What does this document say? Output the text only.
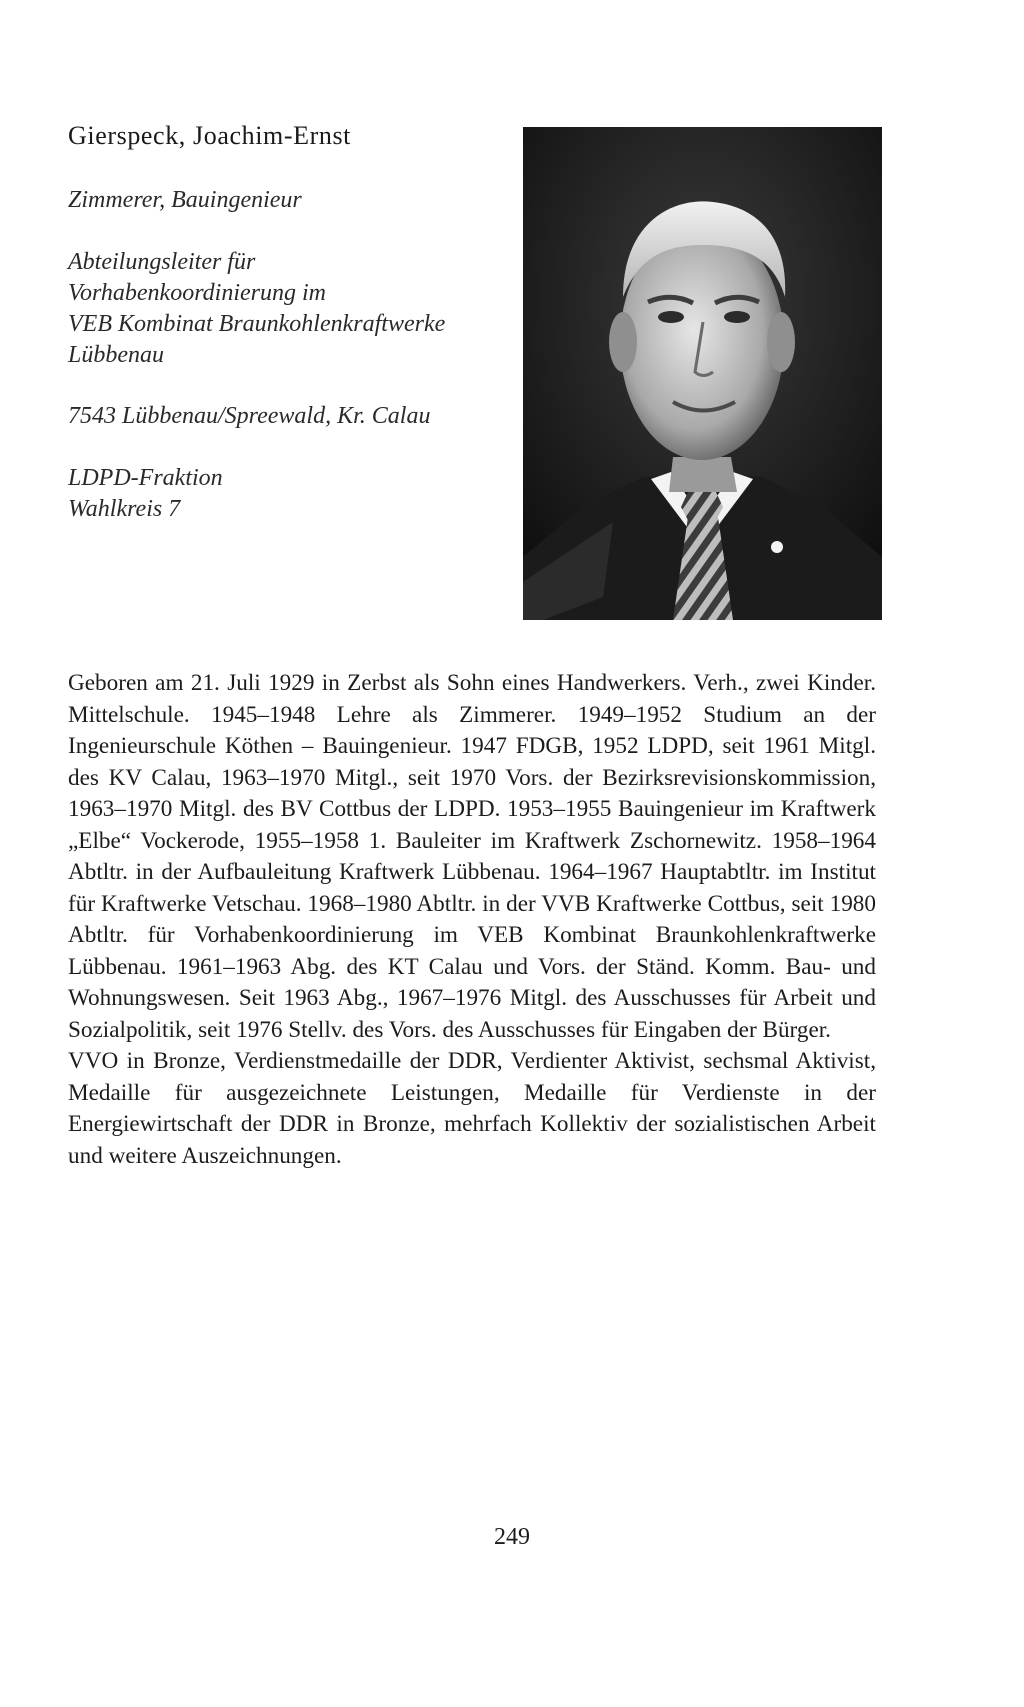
Gierspeck, Joachim-Ernst

Zimmerer, Bauingenieur

Abteilungsleiter für
Vorhabenkoordinierung im
VEB Kombinat Braunkohlenkraftwerke
Lübbenau

7543 Lübbenau/Spreewald, Kr. Calau

LDPD-Fraktion
Wahlkreis 7

Geboren am 21. Juli 1929 in Zerbst als Sohn eines Handwerkers. Verh., zwei Kinder. Mittelschule. 1945–1948 Lehre als Zimmerer. 1949–1952 Studium an der Ingenieurschule Köthen – Bauingenieur. 1947 FDGB, 1952 LDPD, seit 1961 Mitgl. des KV Calau, 1963–1970 Mitgl., seit 1970 Vors. der Bezirksrevisionskommission, 1963–1970 Mitgl. des BV Cottbus der LDPD. 1953–1955 Bauingenieur im Kraftwerk „Elbe“ Vockerode, 1955–1958 1. Bauleiter im Kraftwerk Zschornewitz. 1958–1964 Abtltr. in der Aufbauleitung Kraftwerk Lübbenau. 1964–1967 Hauptabtltr. im Institut für Kraftwerke Vetschau. 1968–1980 Abtltr. in der VVB Kraftwerke Cottbus, seit 1980 Abtltr. für Vorhabenkoordinierung im VEB Kombinat Braunkohlenkraftwerke Lübbenau. 1961–1963 Abg. des KT Calau und Vors. der Ständ. Komm. Bau- und Wohnungswesen. Seit 1963 Abg., 1967–1976 Mitgl. des Ausschusses für Arbeit und Sozialpolitik, seit 1976 Stellv. des Vors. des Ausschusses für Eingaben der Bürger.

VVO in Bronze, Verdienstmedaille der DDR, Verdienter Aktivist, sechsmal Aktivist, Medaille für ausgezeichnete Leistungen, Medaille für Verdienste in der Energiewirtschaft der DDR in Bronze, mehrfach Kollektiv der sozialistischen Arbeit und weitere Auszeichnungen.

249
